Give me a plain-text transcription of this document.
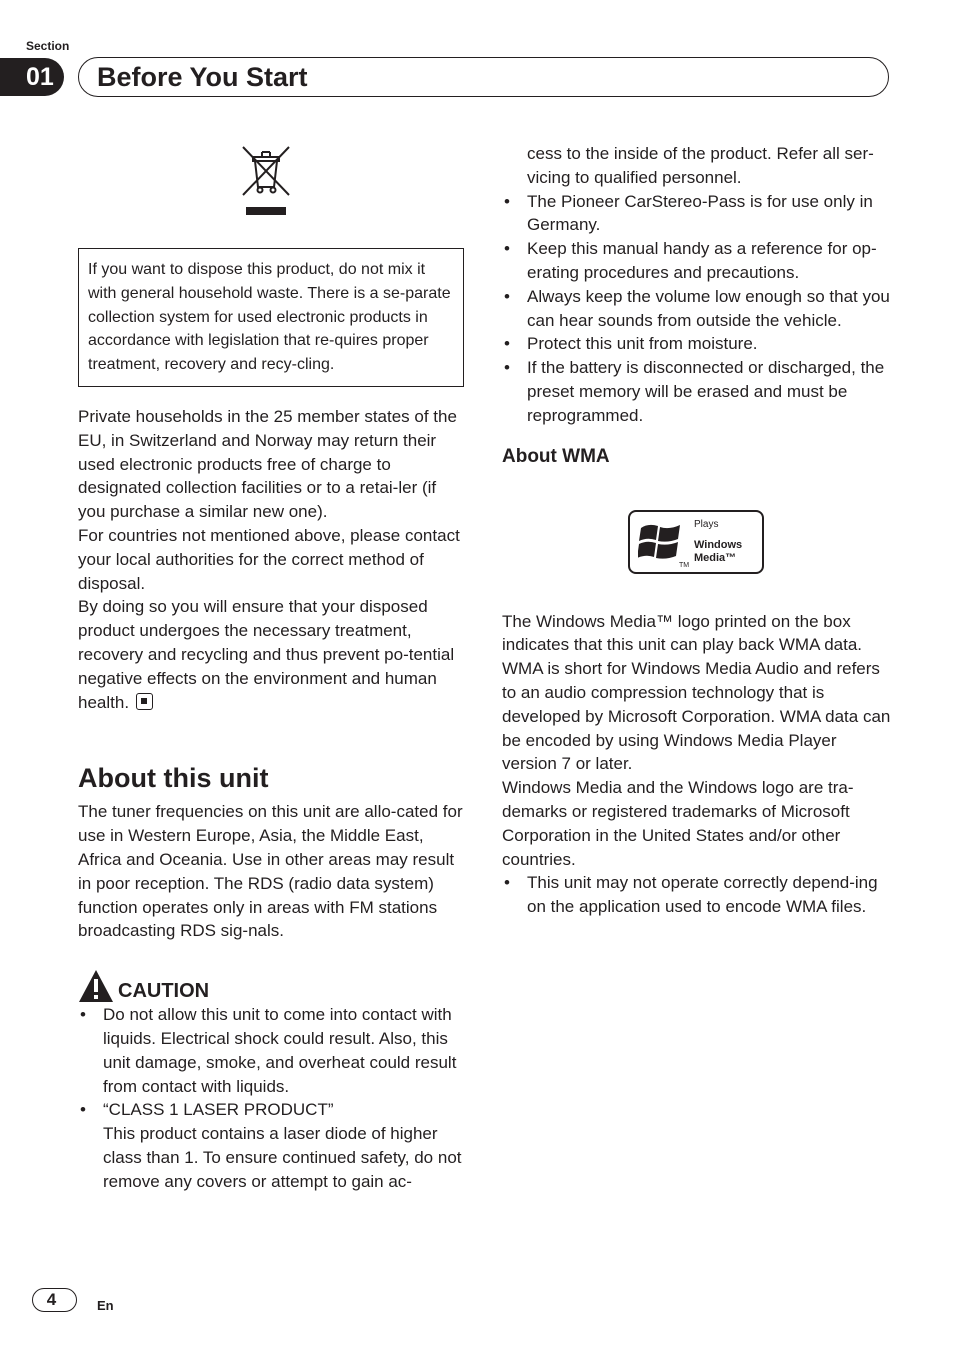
Section
01	Before You Start
If you want to dispose this product, do not mix it with general household waste. There is a se-parate collection system for used electronic products in accordance with legislation that re-quires proper treatment, recovery and recy-cling.

Private households in the 25 member states of the EU, in Switzerland and Norway may return their used electronic products free of charge to designated collection facilities or to a retai-ler (if you purchase a similar new one).

For countries not mentioned above, please contact your local authorities for the correct method of disposal.

By doing so you will ensure that your disposed product undergoes the necessary treatment, recovery and recycling and thus prevent po-tential negative effects on the environment and human health.

About this unit

The tuner frequencies on this unit are allo-cated for use in Western Europe, Asia, the Middle East, Africa and Oceania. Use in other areas may result in poor reception. The RDS (radio data system) function operates only in areas with FM stations broadcasting RDS sig-nals.

CAUTION
• Do not allow this unit to come into contact with liquids. Electrical shock could result. Also, this unit damage, smoke, and overheat could result from contact with liquids.
• “CLASS 1 LASER PRODUCT”
This product contains a laser diode of higher class than 1. To ensure continued safety, do not remove any covers or attempt to gain ac-
cess to the inside of the product. Refer all ser-vicing to qualified personnel.
• The Pioneer CarStereo-Pass is for use only in Germany.
• Keep this manual handy as a reference for op-erating procedures and precautions.
• Always keep the volume low enough so that you can hear sounds from outside the vehicle.
• Protect this unit from moisture.
• If the battery is disconnected or discharged, the preset memory will be erased and must be reprogrammed.
About WMA
TM
Plays
Windows
Media™

The Windows Media™ logo printed on the box indicates that this unit can play back WMA data.

WMA is short for Windows Media Audio and refers to an audio compression technology that is developed by Microsoft Corporation. WMA data can be encoded by using Windows Media Player version 7 or later.

Windows Media and the Windows logo are tra-demarks or registered trademarks of Microsoft Corporation in the United States and/or other countries.

• This unit may not operate correctly depend-ing on the application used to encode WMA files.
4	En
